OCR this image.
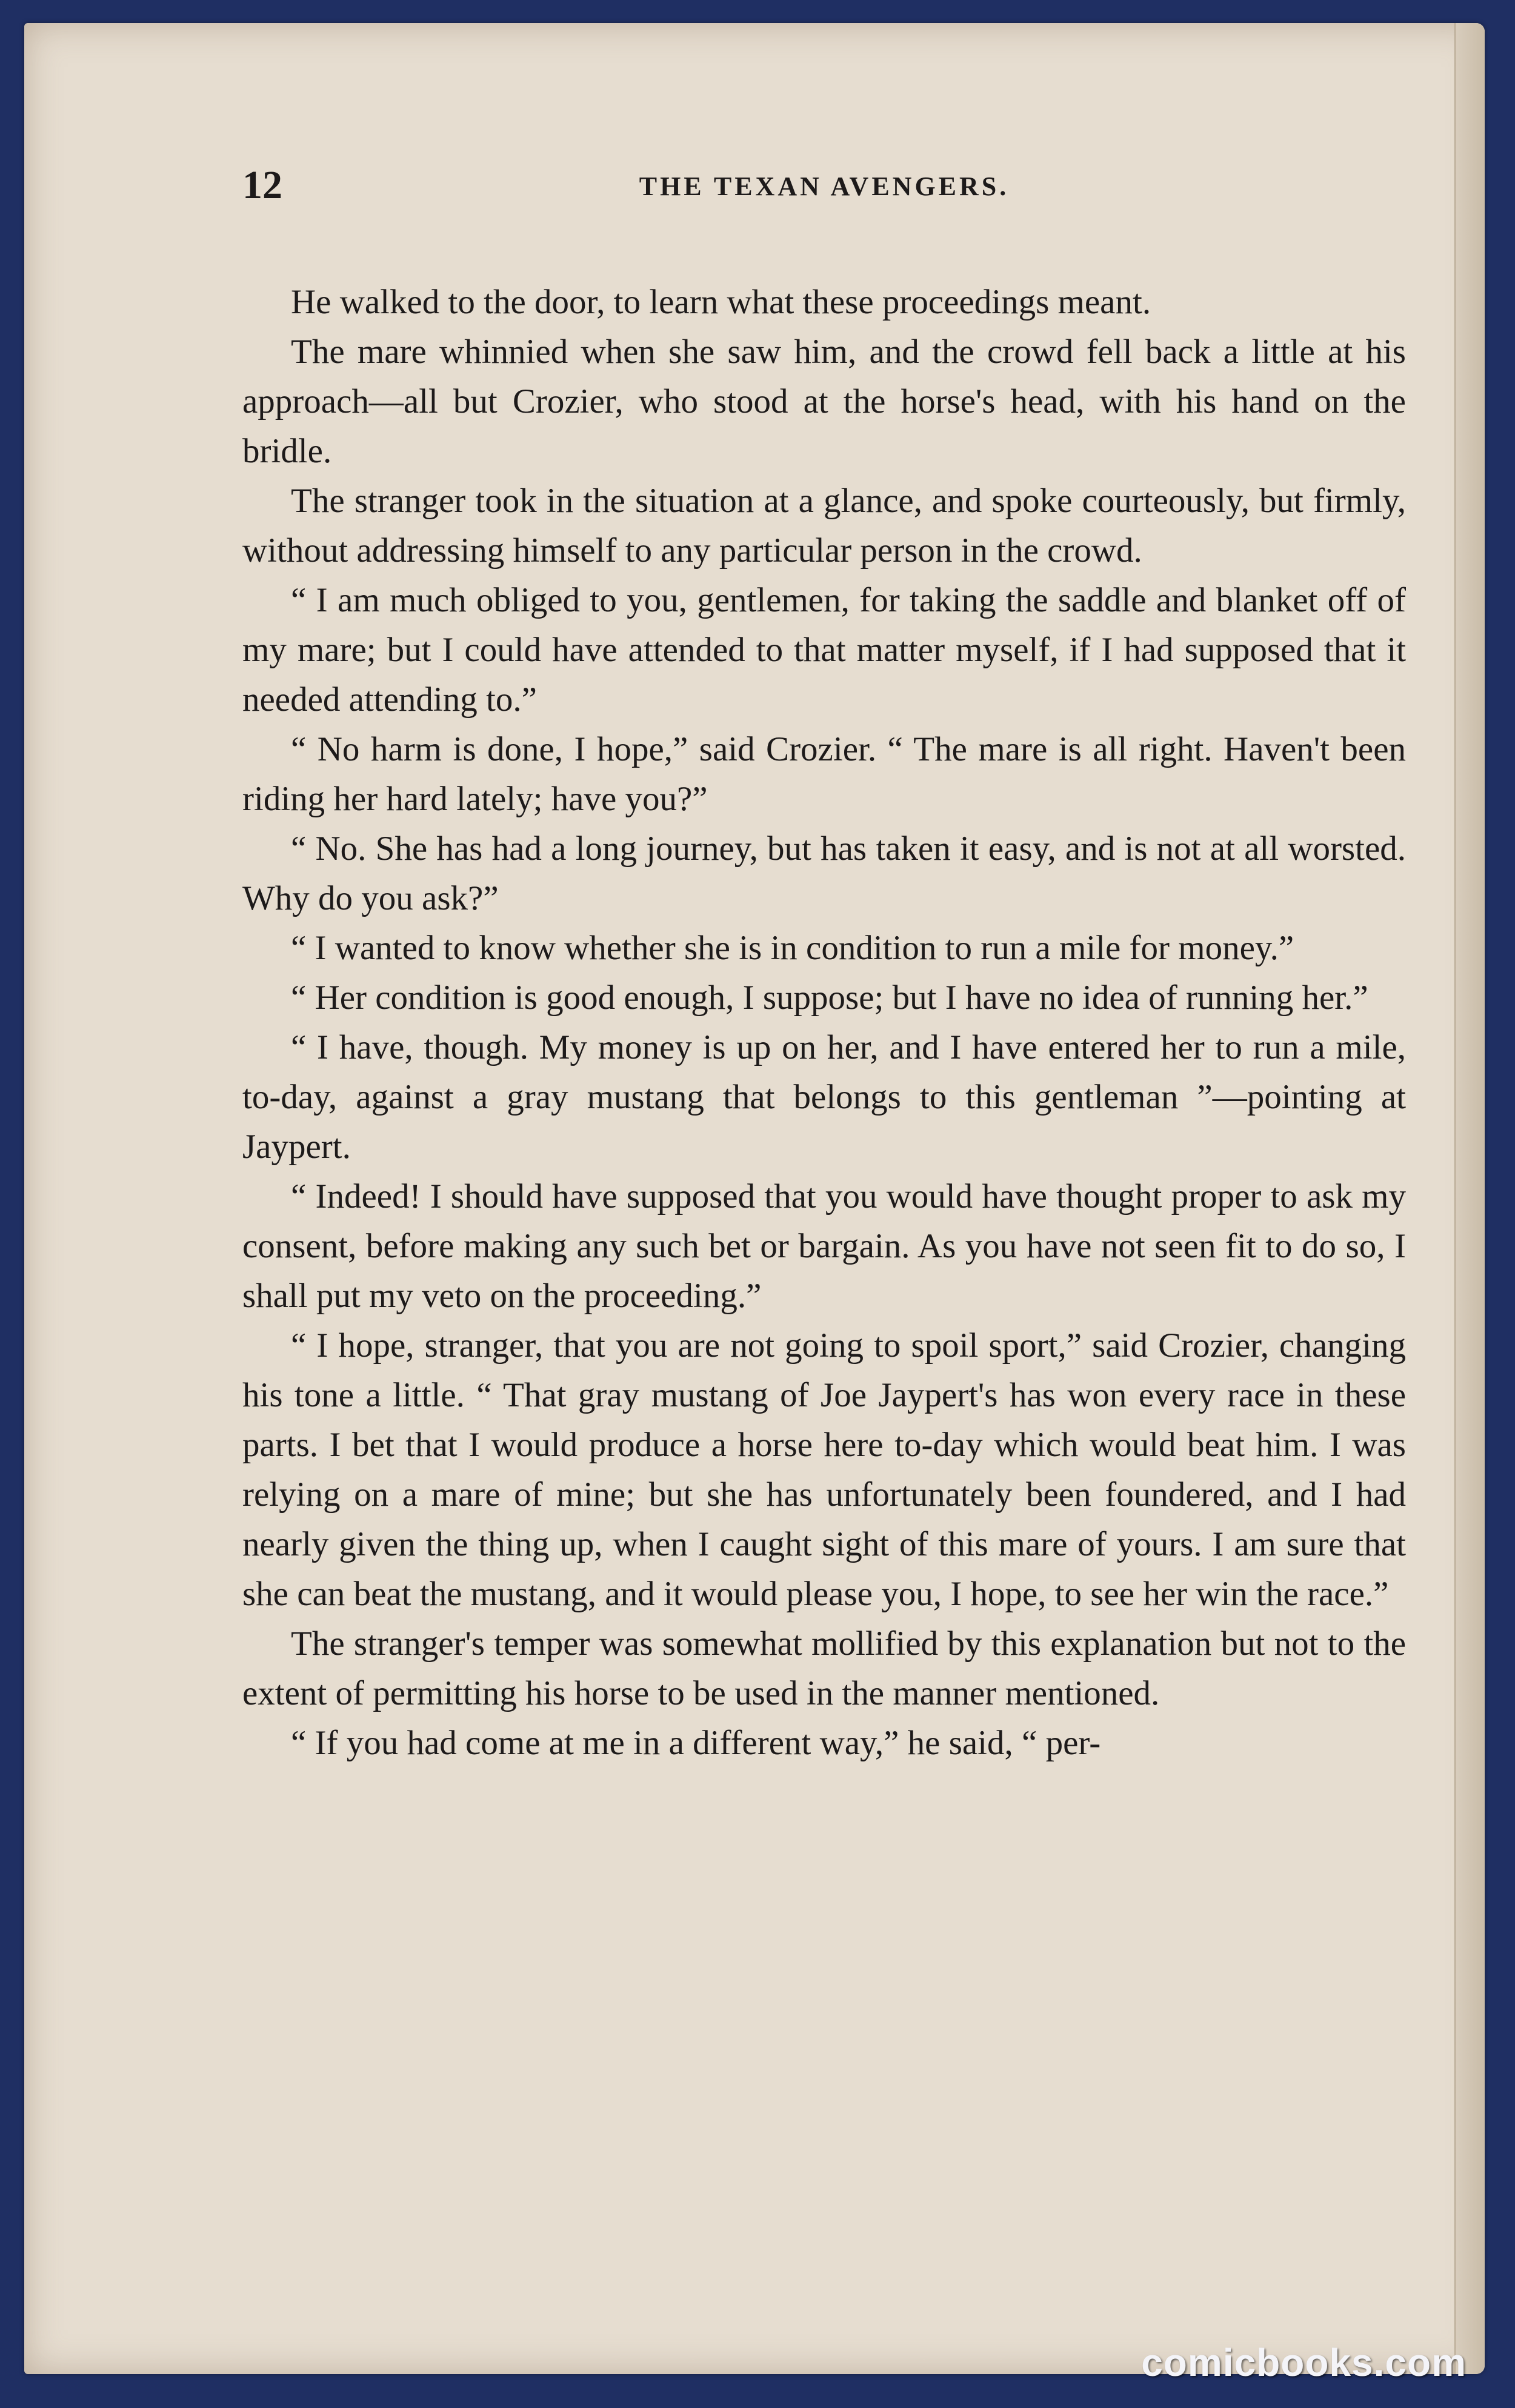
12	THE TEXAN AVENGERS.

He walked to the door, to learn what these proceedings meant.

The mare whinnied when she saw him, and the crowd fell back a little at his approach—all but Crozier, who stood at the horse's head, with his hand on the bridle.

The stranger took in the situation at a glance, and spoke courteously, but firmly, without addressing himself to any particular person in the crowd.

“ I am much obliged to you, gentlemen, for taking the saddle and blanket off of my mare; but I could have attended to that matter myself, if I had supposed that it needed attending to.”

“ No harm is done, I hope,” said Crozier. “ The mare is all right. Haven't been riding her hard lately; have you?”

“ No. She has had a long journey, but has taken it easy, and is not at all worsted. Why do you ask?”

“ I wanted to know whether she is in condition to run a mile for money.”

“ Her condition is good enough, I suppose; but I have no idea of running her.”

“ I have, though. My money is up on her, and I have entered her to run a mile, to-day, against a gray mustang that belongs to this gentleman ”—pointing at Jaypert.

“ Indeed! I should have supposed that you would have thought proper to ask my consent, before making any such bet or bargain. As you have not seen fit to do so, I shall put my veto on the proceeding.”

“ I hope, stranger, that you are not going to spoil sport,” said Crozier, changing his tone a little. “ That gray mustang of Joe Jaypert's has won every race in these parts. I bet that I would produce a horse here to-day which would beat him. I was relying on a mare of mine; but she has unfortunately been foundered, and I had nearly given the thing up, when I caught sight of this mare of yours. I am sure that she can beat the mustang, and it would please you, I hope, to see her win the race.”

The stranger's temper was somewhat mollified by this explanation but not to the extent of permitting his horse to be used in the manner mentioned.

“ If you had come at me in a different way,” he said, “ per-

comicbooks.com
